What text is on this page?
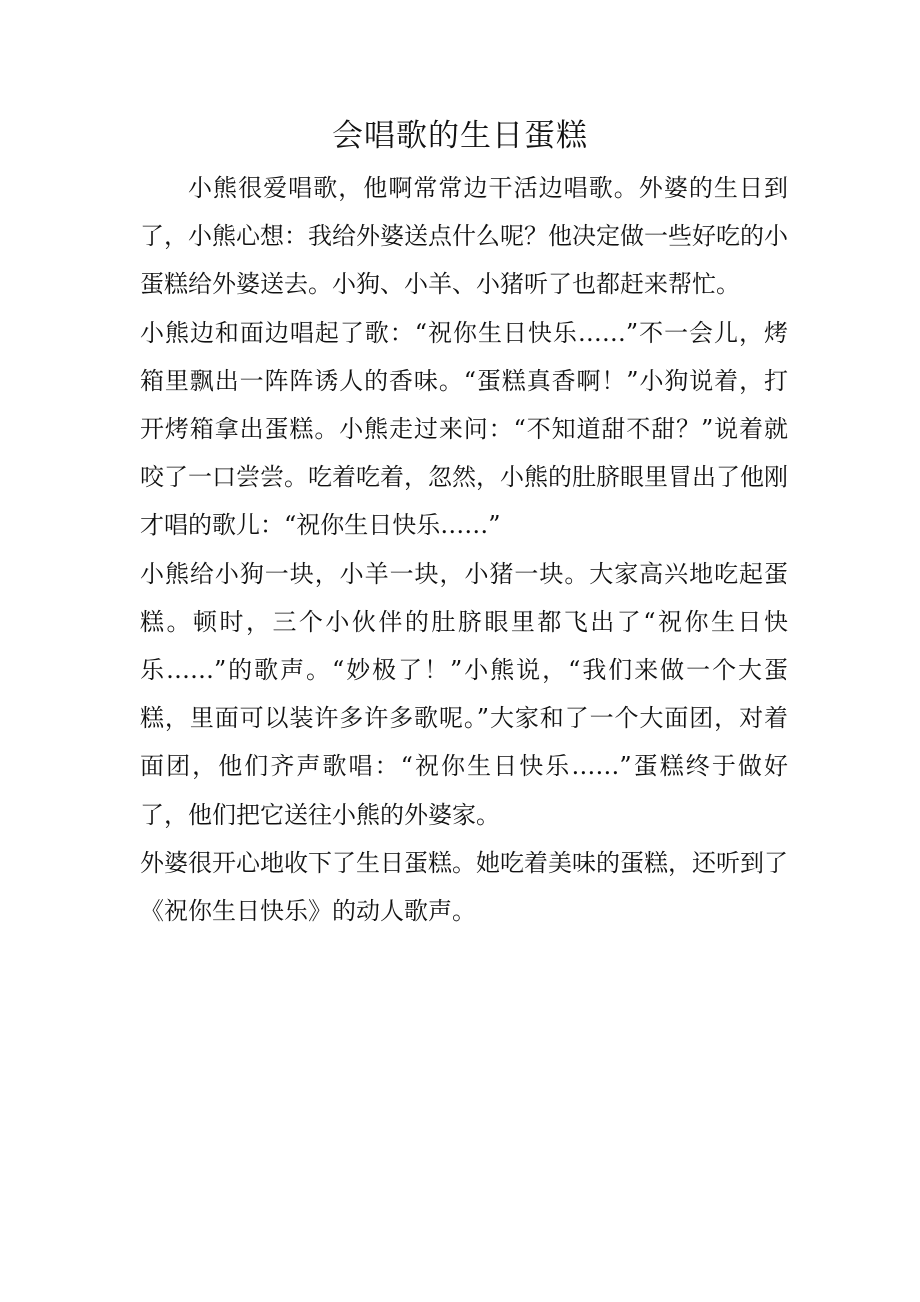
会唱歌的生日蛋糕

小熊很爱唱歌，他啊常常边干活边唱歌。外婆的生日到了，小熊心想：我给外婆送点什么呢？他决定做一些好吃的小蛋糕给外婆送去。小狗、小羊、小猪听了也都赶来帮忙。

小熊边和面边唱起了歌：“祝你生日快乐……”不一会儿，烤箱里飘出一阵阵诱人的香味。“蛋糕真香啊！”小狗说着，打开烤箱拿出蛋糕。小熊走过来问：“不知道甜不甜？”说着就咬了一口尝尝。吃着吃着，忽然，小熊的肚脐眼里冒出了他刚才唱的歌儿：“祝你生日快乐……”

小熊给小狗一块，小羊一块，小猪一块。大家高兴地吃起蛋糕。顿时，三个小伙伴的肚脐眼里都飞出了“祝你生日快乐……”的歌声。“妙极了！”小熊说，“我们来做一个大蛋糕，里面可以装许多许多歌呢。”大家和了一个大面团，对着面团，他们齐声歌唱：“祝你生日快乐……”蛋糕终于做好了，他们把它送往小熊的外婆家。

外婆很开心地收下了生日蛋糕。她吃着美味的蛋糕，还听到了《祝你生日快乐》的动人歌声。
